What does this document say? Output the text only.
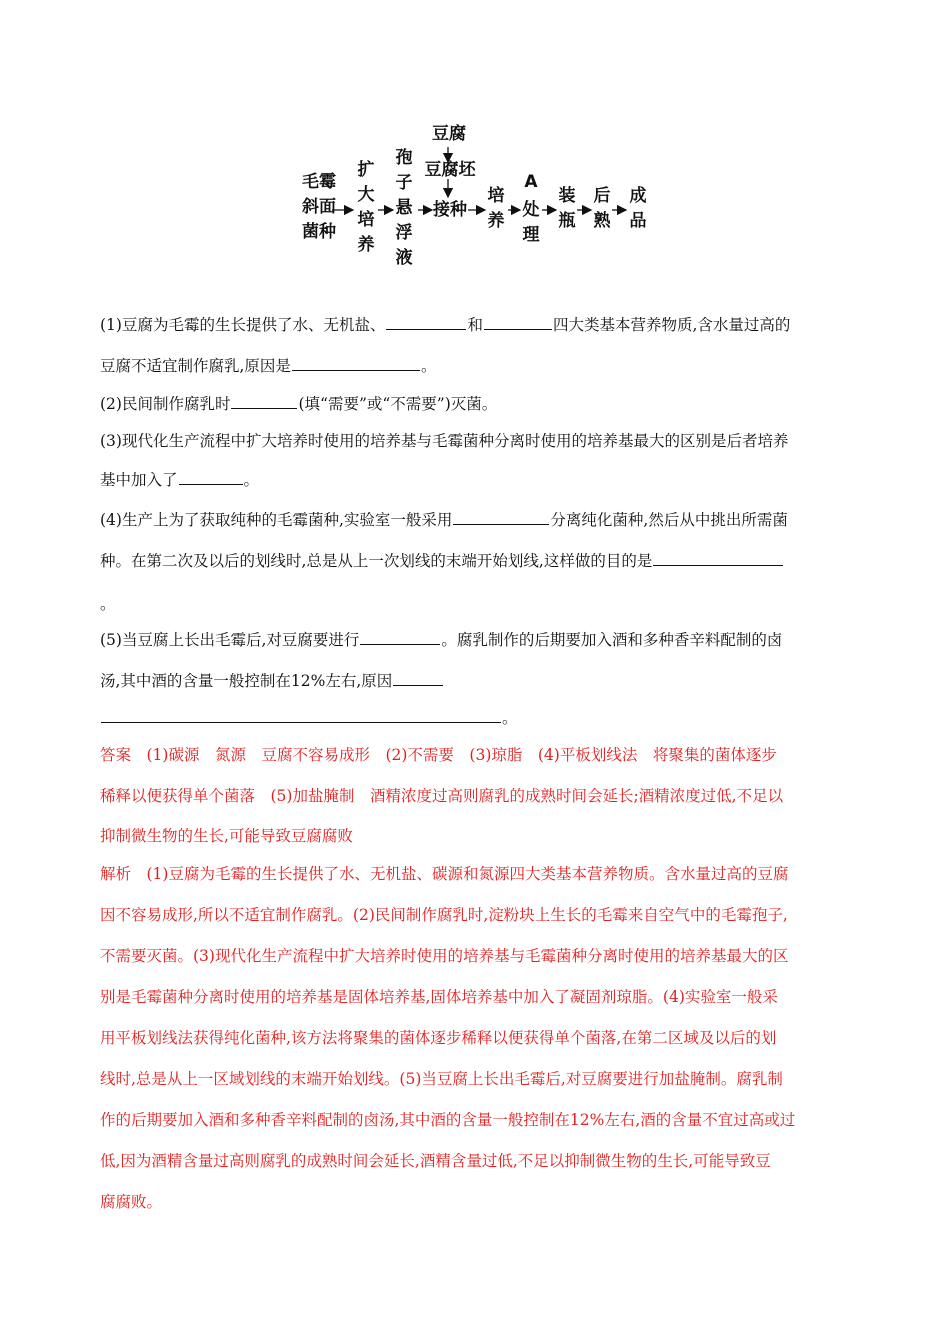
毛霉斜面菌种
扩大培养
孢子悬浮液
豆腐
豆腐坯
接种
培养
A
处理
装瓶
后熟
成品
(1)豆腐为毛霉的生长提供了水、无机盐、	和	四大类基本营养物质,含水量过高的
豆腐不适宜制作腐乳,原因是	。
(2)民间制作腐乳时	(填“需要”或“不需要”)灭菌。
(3)现代化生产流程中扩大培养时使用的培养基与毛霉菌种分离时使用的培养基最大的区别是后者培养
基中加入了	。
(4)生产上为了获取纯种的毛霉菌种,实验室一般采用	分离纯化菌种,然后从中挑出所需菌
种。在第二次及以后的划线时,总是从上一次划线的末端开始划线,这样做的目的是
。
(5)当豆腐上长出毛霉后,对豆腐要进行	。腐乳制作的后期要加入酒和多种香辛料配制的卤
汤,其中酒的含量一般控制在12%左右,原因
。
答案　(1)碳源　氮源　豆腐不容易成形　(2)不需要　(3)琼脂　(4)平板划线法　将聚集的菌体逐步
稀释以便获得单个菌落　(5)加盐腌制　酒精浓度过高则腐乳的成熟时间会延长;酒精浓度过低,不足以
抑制微生物的生长,可能导致豆腐腐败
解析　(1)豆腐为毛霉的生长提供了水、无机盐、碳源和氮源四大类基本营养物质。含水量过高的豆腐
因不容易成形,所以不适宜制作腐乳。(2)民间制作腐乳时,淀粉块上生长的毛霉来自空气中的毛霉孢子,
不需要灭菌。(3)现代化生产流程中扩大培养时使用的培养基与毛霉菌种分离时使用的培养基最大的区
别是毛霉菌种分离时使用的培养基是固体培养基,固体培养基中加入了凝固剂琼脂。(4)实验室一般采
用平板划线法获得纯化菌种,该方法将聚集的菌体逐步稀释以便获得单个菌落,在第二区域及以后的划
线时,总是从上一区域划线的末端开始划线。(5)当豆腐上长出毛霉后,对豆腐要进行加盐腌制。腐乳制
作的后期要加入酒和多种香辛料配制的卤汤,其中酒的含量一般控制在12%左右,酒的含量不宜过高或过
低,因为酒精含量过高则腐乳的成熟时间会延长,酒精含量过低,不足以抑制微生物的生长,可能导致豆
腐腐败。
